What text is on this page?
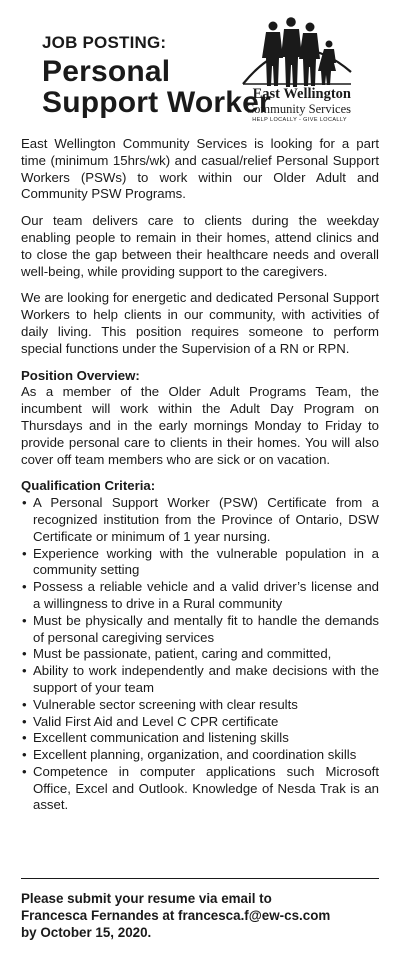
JOB POSTING:
Personal
Support Worker
East Wellington
Community Services
HELP LOCALLY - GIVE LOCALLY

East Wellington Community Services is looking for a part time (minimum 15hrs/wk) and casual/relief Personal Support Workers (PSWs) to work within our Older Adult and Community PSW Programs.

Our team delivers care to clients during the weekday enabling people to remain in their homes, attend clinics and to close the gap between their healthcare needs and overall well-being, while providing support to the caregivers.

We are looking for energetic and dedicated Personal Support Workers to help clients in our community, with activities of daily living. This position requires someone to perform special functions under the Supervision of a RN or RPN.

Position Overview:

As a member of the Older Adult Programs Team, the incumbent will work within the Adult Day Program on Thursdays and in the early mornings Monday to Friday to provide personal care to clients in their homes. You will also cover off team members who are sick or on vacation.

Qualification Criteria:
• A Personal Support Worker (PSW) Certificate from a recognized institution from the Province of Ontario, DSW Certificate or minimum of 1 year nursing.
• Experience working with the vulnerable population in a community setting
• Possess a reliable vehicle and a valid driver’s license and a willingness to drive in a Rural community
• Must be physically and mentally fit to handle the demands of personal caregiving services
• Must be passionate, patient, caring and committed,
• Ability to work independently and make decisions with the support of your team
• Vulnerable sector screening with clear results
• Valid First Aid and Level C CPR certificate
• Excellent communication and listening skills
• Excellent planning, organization, and coordination skills
• Competence in computer applications such Microsoft Office, Excel and Outlook. Knowledge of Nesda Trak is an asset.
Please submit your resume via email to
Francesca Fernandes at francesca.f@ew-cs.com
by October 15, 2020.
